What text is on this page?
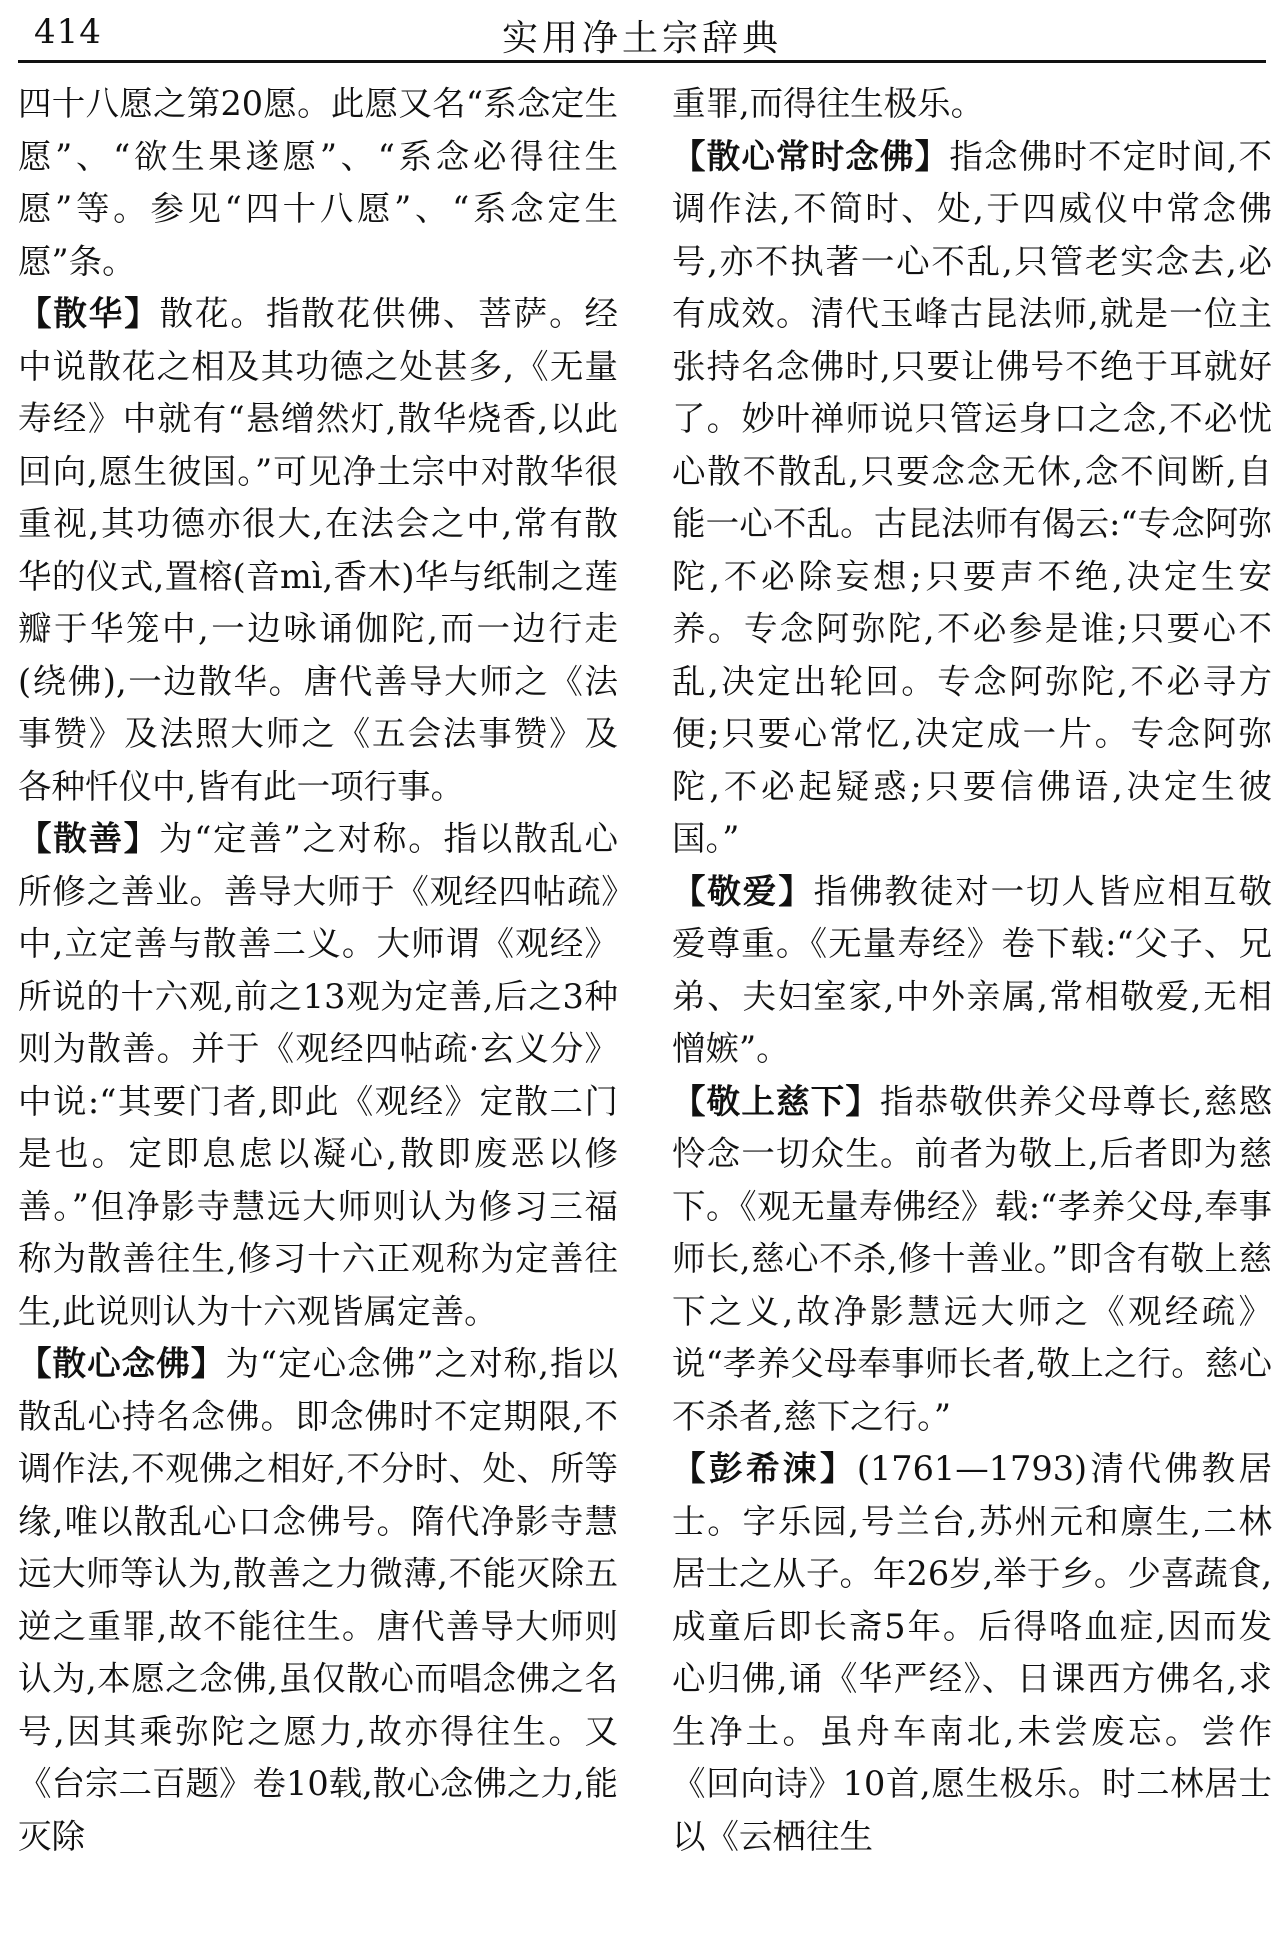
414	实用净土宗辞典

四十八愿之第20愿。此愿又名“系念定生愿”、“欲生果遂愿”、“系念必得往生愿”等。参见“四十八愿”、“系念定生愿”条。

【散华】散花。指散花供佛、菩萨。经中说散花之相及其功德之处甚多,《无量寿经》中就有“悬缯然灯,散华烧香,以此回向,愿生彼国。”可见净土宗中对散华很重视,其功德亦很大,在法会之中,常有散华的仪式,置榕(音mì,香木)华与纸制之莲瓣于华笼中,一边咏诵伽陀,而一边行走(绕佛),一边散华。唐代善导大师之《法事赞》及法照大师之《五会法事赞》及各种忏仪中,皆有此一项行事。

【散善】为“定善”之对称。指以散乱心所修之善业。善导大师于《观经四帖疏》中,立定善与散善二义。大师谓《观经》所说的十六观,前之13观为定善,后之3种则为散善。并于《观经四帖疏·玄义分》中说:“其要门者,即此《观经》定散二门是也。定即息虑以凝心,散即废恶以修善。”但净影寺慧远大师则认为修习三福称为散善往生,修习十六正观称为定善往生,此说则认为十六观皆属定善。

【散心念佛】为“定心念佛”之对称,指以散乱心持名念佛。即念佛时不定期限,不调作法,不观佛之相好,不分时、处、所等缘,唯以散乱心口念佛号。隋代净影寺慧远大师等认为,散善之力微薄,不能灭除五逆之重罪,故不能往生。唐代善导大师则认为,本愿之念佛,虽仅散心而唱念佛之名号,因其乘弥陀之愿力,故亦得往生。又《台宗二百题》卷10载,散心念佛之力,能灭除

重罪,而得往生极乐。

【散心常时念佛】指念佛时不定时间,不调作法,不简时、处,于四威仪中常念佛号,亦不执著一心不乱,只管老实念去,必有成效。清代玉峰古昆法师,就是一位主张持名念佛时,只要让佛号不绝于耳就好了。妙叶禅师说只管运身口之念,不必忧心散不散乱,只要念念无休,念不间断,自能一心不乱。古昆法师有偈云:“专念阿弥陀,不必除妄想;只要声不绝,决定生安养。专念阿弥陀,不必参是谁;只要心不乱,决定出轮回。专念阿弥陀,不必寻方便;只要心常忆,决定成一片。专念阿弥陀,不必起疑惑;只要信佛语,决定生彼国。”

【敬爱】指佛教徒对一切人皆应相互敬爱尊重。《无量寿经》卷下载:“父子、兄弟、夫妇室家,中外亲属,常相敬爱,无相憎嫉”。

【敬上慈下】指恭敬供养父母尊长,慈愍怜念一切众生。前者为敬上,后者即为慈下。《观无量寿佛经》载:“孝养父母,奉事师长,慈心不杀,修十善业。”即含有敬上慈下之义,故净影慧远大师之《观经疏》说“孝养父母奉事师长者,敬上之行。慈心不杀者,慈下之行。”

【彭希涑】(1761—1793)清代佛教居士。字乐园,号兰台,苏州元和廪生,二林居士之从子。年26岁,举于乡。少喜蔬食,成童后即长斋5年。后得咯血症,因而发心归佛,诵《华严经》、日课西方佛名,求生净土。虽舟车南北,未尝废忘。尝作《回向诗》10首,愿生极乐。时二林居士以《云栖往生
